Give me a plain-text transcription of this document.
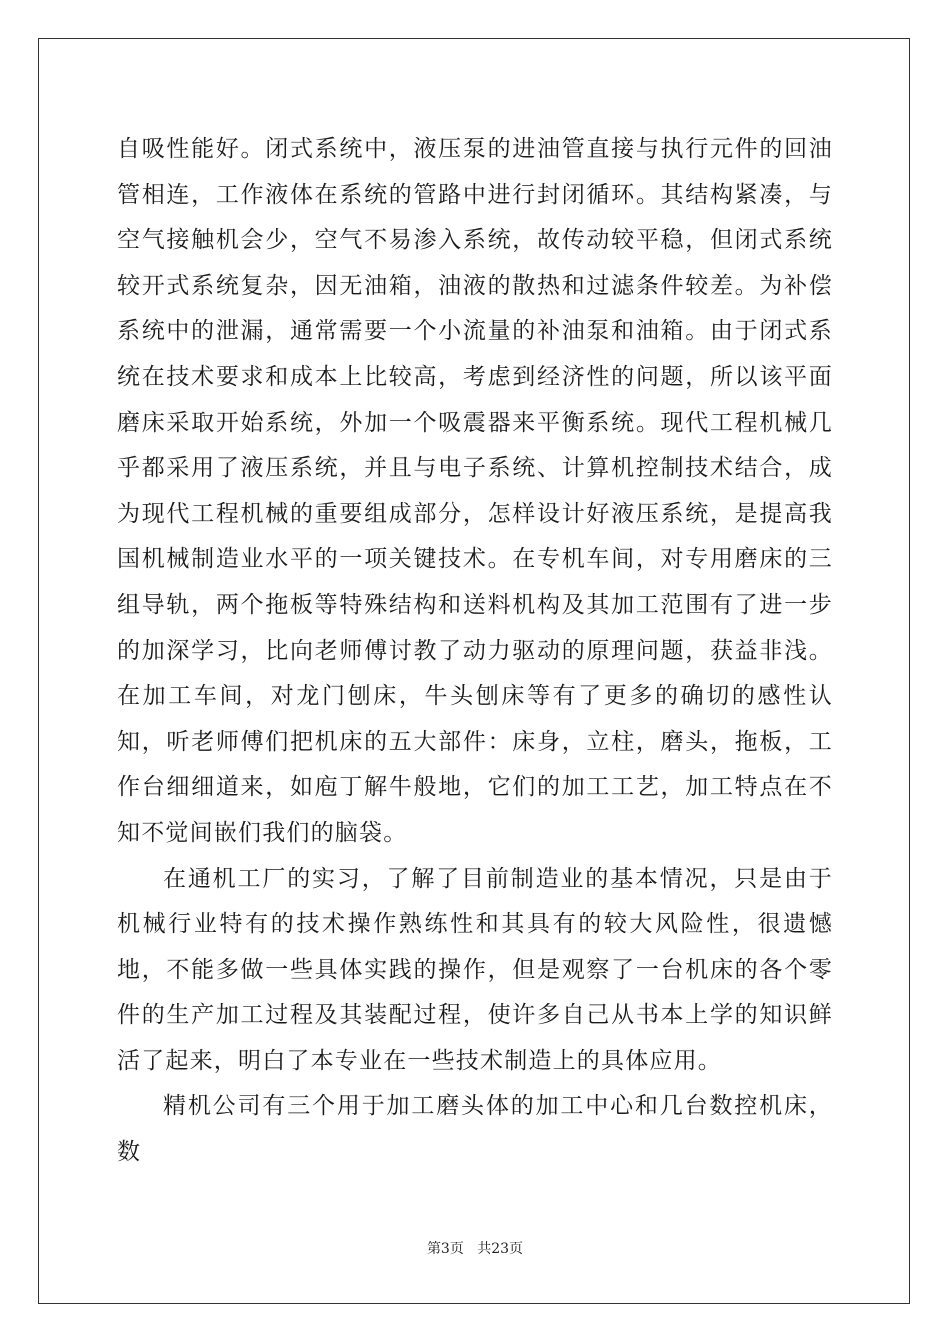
自吸性能好。闭式系统中，液压泵的进油管直接与执行元件的回油管相连，工作液体在系统的管路中进行封闭循环。其结构紧凑，与空气接触机会少，空气不易渗入系统，故传动较平稳，但闭式系统较开式系统复杂，因无油箱，油液的散热和过滤条件较差。为补偿系统中的泄漏，通常需要一个小流量的补油泵和油箱。由于闭式系统在技术要求和成本上比较高，考虑到经济性的问题，所以该平面磨床采取开始系统，外加一个吸震器来平衡系统。现代工程机械几乎都采用了液压系统，并且与电子系统、计算机控制技术结合，成为现代工程机械的重要组成部分，怎样设计好液压系统，是提高我国机械制造业水平的一项关键技术。在专机车间，对专用磨床的三组导轨，两个拖板等特殊结构和送料机构及其加工范围有了进一步的加深学习，比向老师傅讨教了动力驱动的原理问题，获益非浅。在加工车间，对龙门刨床，牛头刨床等有了更多的确切的感性认知，听老师傅们把机床的五大部件：床身，立柱，磨头，拖板，工作台细细道来，如庖丁解牛般地，它们的加工工艺，加工特点在不知不觉间嵌们我们的脑袋。

在通机工厂的实习，了解了目前制造业的基本情况，只是由于机械行业特有的技术操作熟练性和其具有的较大风险性，很遗憾地，不能多做一些具体实践的操作，但是观察了一台机床的各个零件的生产加工过程及其装配过程，使许多自己从书本上学的知识鲜活了起来，明白了本专业在一些技术制造上的具体应用。

精机公司有三个用于加工磨头体的加工中心和几台数控机床，数

第3页 共23页
